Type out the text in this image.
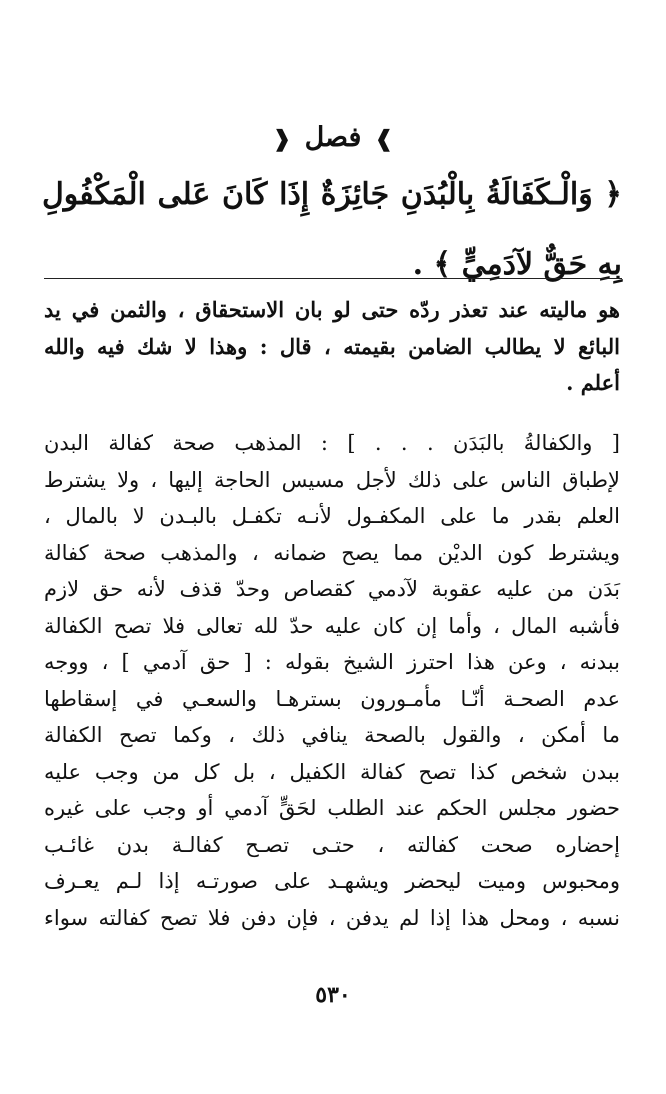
❱ فصل ❰
﴿ وَالْـكَفَالَةُ بِالْبُدَنِ جَائِزَةٌ إِذَا كَانَ عَلى الْمَكْفُولِ بِهِ حَقٌّ لآدَمِيٍّ ﴾ .
هو ماليته عند تعذر ردّه حتى لو بان الاستحقاق ، والثمن في يد
البائع لا يطالب الضامن بقيمته ، قال : وهذا لا شك فيه والله
أعلم .
[ والكفالةُ بالبَدَن . . . ] : المذهب صحة كفالة البدن
لإطباق الناس على ذلك لأجل مسيس الحاجة إليها ، ولا يشترط
العلم بقدر ما على المكفـول لأنـه تكفـل بالبـدن لا بالمال ،
ويشترط كون الديْن مما يصح ضمانه ، والمذهب صحة كفالة
بَدَن من عليه عقوبة لآدمي كقصاص وحدّ قذف لأنه حق لازم
فأشبه المال ، وأما إن كان عليه حدّ لله تعالى فلا تصح الكفالة
ببدنه ، وعن هذا احترز الشيخ بقوله : [ حق آدمي ] ، ووجه
عدم الصحـة أنّـا مأمـورون بسترهـا والسعـي في إسقاطها
ما أمكن ، والقول بالصحة ينافي ذلك ، وكما تصح الكفالة
ببدن شخص كذا تصح كفالة الكفيل ، بل كل من وجب عليه
حضور مجلس الحكم عند الطلب لحَقٍّ آدمي أو وجب على غيره
إحضاره صحت كفالته ، حتـى تصـح كفالـة بدن غائـب
ومحبوس وميت ليحضر ويشهـد على صورتـه إذا لـم يعـرف
نسبه ، ومحل هذا إذا لم يدفن ، فإن دفن فلا تصح كفالته سواء
٥٣٠
